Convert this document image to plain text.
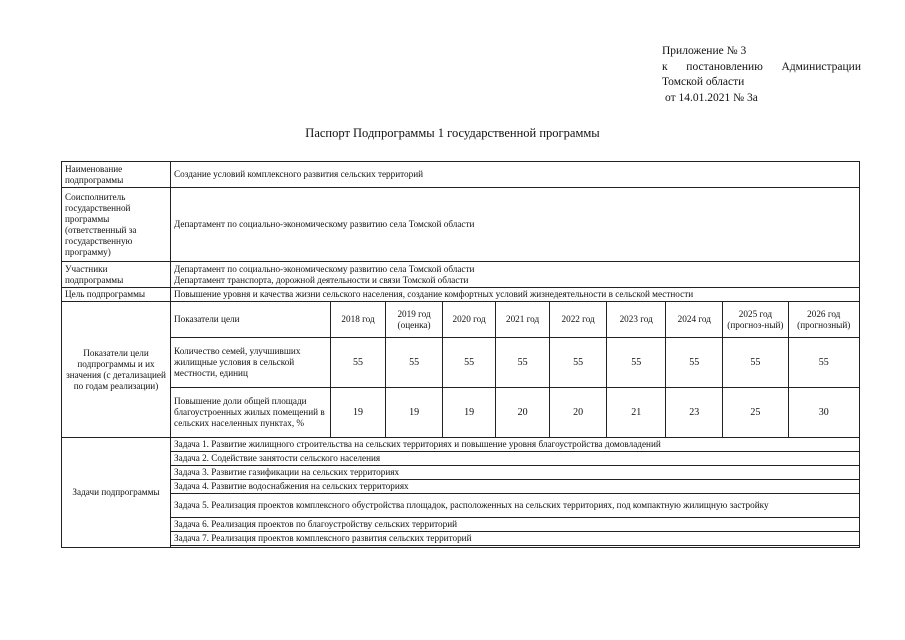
Приложение № 3
к постановлению Администрации
Томской области
от 14.01.2021 № 3а
Паспорт Подпрограммы 1 государственной программы
Наименование подпрограммы	Создание условий комплексного развития сельских территорий									
Соисполнитель государственной программы (ответственный за государственную программу)	Департамент по социально-экономическому развитию села Томской области									
Участники подпрограммы	Департамент по социально-экономическому развитию села Томской области
Департамент транспорта, дорожной деятельности и связи Томской области									

Цель подпрограммы	Повышение уровня и качества жизни сельского населения, создание комфортных условий жизнедеятельности в сельской местности									
Показатели цели подпрограммы и их значения (с детализацией по годам реализации)	Показатели цели	2018 год	2019 год (оценка)	2020 год	2021 год	2022 год	2023 год	2024 год	2025 год (прогноз-ный)	2026 год (прогнозный)
	Количество семей, улучшивших жилищные условия в сельской местности, единиц	55	55	55	55	55	55	55	55	55
	Повышение доли общей площади благоустроенных жилых помещений в сельских населенных пунктах, %	19	19	19	20	20	21	23	25	30
Задачи подпрограммы	Задача 1. Развитие жилищного строительства на сельских территориях и повышение уровня благоустройства домовладений									
	Задача 2. Содействие занятости сельского населения									
	Задача 3. Развитие газификации на сельских территориях									
	Задача 4. Развитие водоснабжения на сельских территориях									
	Задача 5. Реализация проектов комплексного обустройства площадок, расположенных на сельских территориях, под компактную жилищную застройку									
	Задача 6. Реализация проектов по благоустройству сельских территорий									
	Задача 7. Реализация проектов комплексного развития сельских территорий									
